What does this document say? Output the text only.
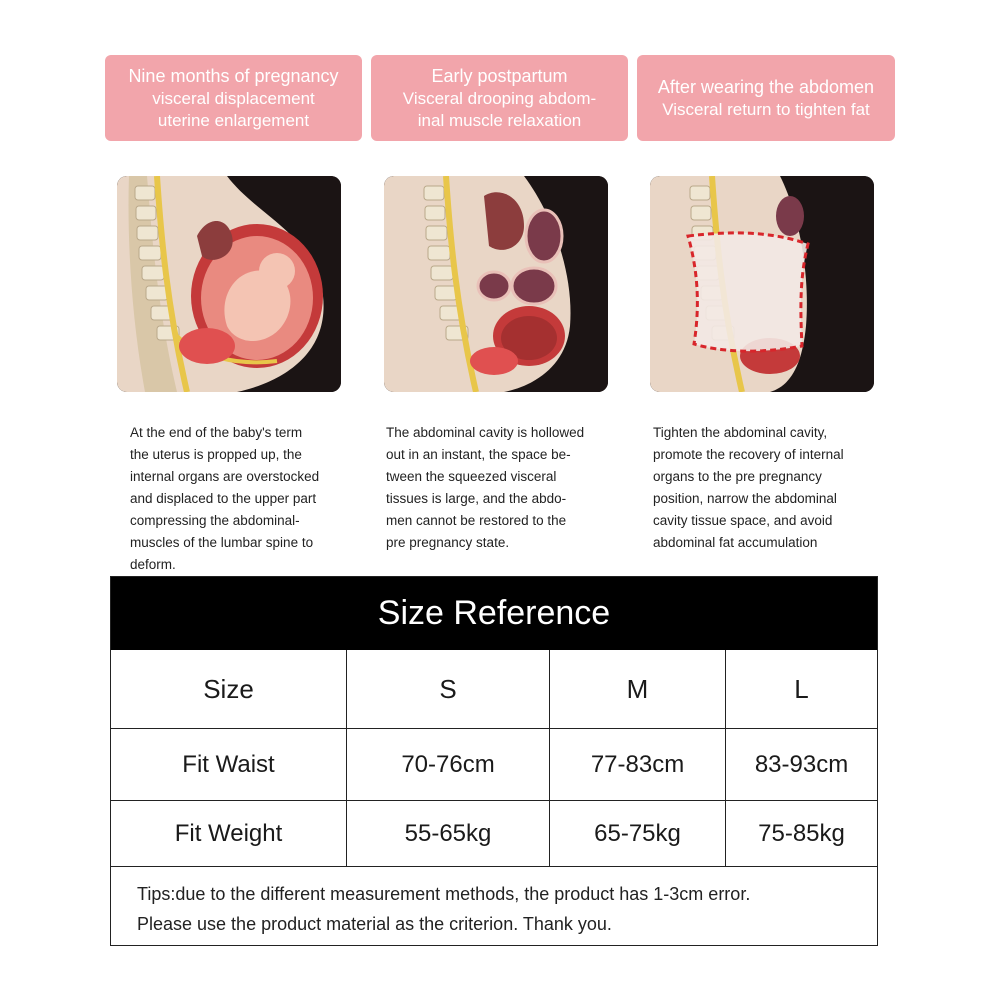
Nine months of pregnancy
visceral displacement
uterine enlargement
Early postpartum
Visceral drooping abdom-
inal muscle relaxation
After wearing the abdomen
Visceral return to tighten fat
At the end of the baby's term
the uterus is propped up, the
internal organs are overstocked
and displaced to the upper part
compressing the abdominal-
muscles of the lumbar spine to
deform.
The abdominal cavity is hollowed
out in an instant, the space be-
tween the squeezed visceral
tissues is large, and the abdo-
men cannot be restored to the
pre pregnancy state.
Tighten the abdominal cavity,
promote the recovery of internal
organs to the pre pregnancy
position, narrow the abdominal
cavity tissue space, and avoid
abdominal fat accumulation
Size Reference
Size	S	M	L
Fit Waist	70-76cm	77-83cm	83-93cm
Fit Weight	55-65kg	65-75kg	75-85kg
Tips:due to the different measurement methods, the product has 1-3cm error.
Please use the product material as the criterion. Thank you.
